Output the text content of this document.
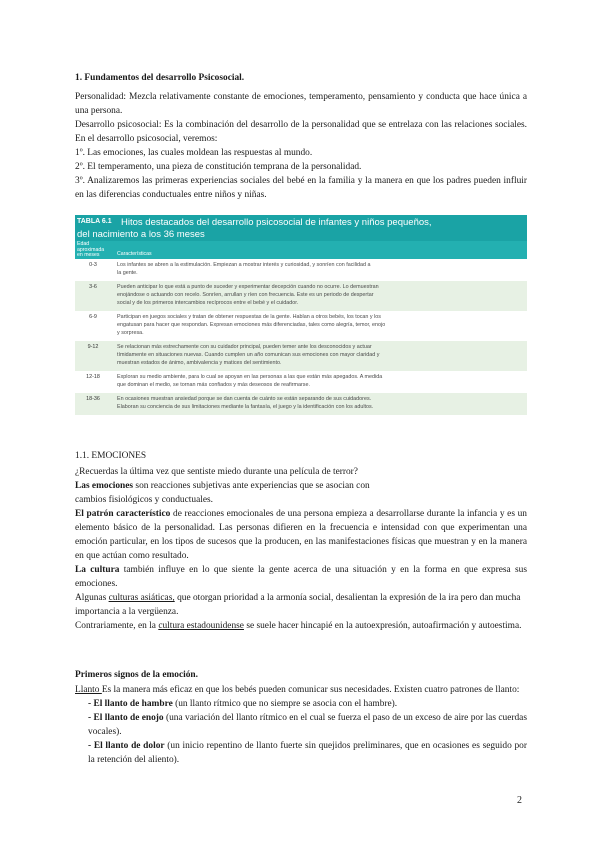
1. Fundamentos del desarrollo Psicosocial.

Personalidad: Mezcla relativamente constante de emociones, temperamento, pensamiento y conducta que hace única a una persona.

Desarrollo psicosocial: Es la combinación del desarrollo de la personalidad que se entrelaza con las relaciones sociales. En el desarrollo psicosocial, veremos:

1º. Las emociones, las cuales moldean las respuestas al mundo.

2º. El temperamento, una pieza de constitución temprana de la personalidad.

3º. Analizaremos las primeras experiencias sociales del bebé en la familia y la manera en que los padres pueden influir en las diferencias conductuales entre niños y niñas.

TABLA 6.1 Hitos destacados del desarrollo psicosocial de infantes y niños pequeños,
del nacimiento a los 36 meses
Edad aproximada en meses	Características
0-3	Los infantes se abren a la estimulación. Empiezan a mostrar interés y curiosidad, y sonríen con facilidad a
la gente.
3-6	Pueden anticipar lo que está a punto de suceder y experimentar decepción cuando no ocurre. Lo demuestran
enojándose o actuando con recelo. Sonríen, arrullan y ríen con frecuencia. Este es un periodo de despertar
social y de los primeros intercambios recíprocos entre el bebé y el cuidador.
6-9	Participan en juegos sociales y tratan de obtener respuestas de la gente. Hablan a otros bebés, los tocan y los
engatusan para hacer que respondan. Expresan emociones más diferenciadas, tales como alegría, temor, enojo
y sorpresa.
9-12	Se relacionan más estrechamente con su cuidador principal, pueden temer ante los desconocidos y actuar
tímidamente en situaciones nuevas. Cuando cumplen un año comunican sus emociones con mayor claridad y
muestran estados de ánimo, ambivalencia y matices del sentimiento.
12-18	Exploran su medio ambiente, para lo cual se apoyan en las personas a las que están más apegados. A medida
que dominan el medio, se tornan más confiados y más deseosos de reafirmarse.
18-36	En ocasiones muestran ansiedad porque se dan cuenta de cuánto se están separando de sus cuidadores.
Elaboran su conciencia de sus limitaciones mediante la fantasía, el juego y la identificación con los adultos.

1.1. EMOCIONES

¿Recuerdas la última vez que sentiste miedo durante una película de terror?

Las emociones son reacciones subjetivas ante experiencias que se asocian con

cambios fisiológicos y conductuales.

El patrón característico de reacciones emocionales de una persona empieza a desarrollarse durante la infancia y es un elemento básico de la personalidad. Las personas difieren en la frecuencia e intensidad con que experimentan una emoción particular, en los tipos de sucesos que la producen, en las manifestaciones físicas que muestran y en la manera en que actúan como resultado.

La cultura también influye en lo que siente la gente acerca de una situación y en la forma en que expresa sus emociones.

Algunas culturas asiáticas, que otorgan prioridad a la armonía social, desalientan la expresión de la ira pero dan mucha importancia a la vergüenza.

Contrariamente, en la cultura estadounidense se suele hacer hincapié en la autoexpresión, autoafirmación y autoestima.

Primeros signos de la emoción.

Llanto Es la manera más eficaz en que los bebés pueden comunicar sus necesidades. Existen cuatro patrones de llanto:

- El llanto de hambre (un llanto rítmico que no siempre se asocia con el hambre).

- El llanto de enojo (una variación del llanto rítmico en el cual se fuerza el paso de un exceso de aire por las cuerdas vocales).

- El llanto de dolor (un inicio repentino de llanto fuerte sin quejidos preliminares, que en ocasiones es seguido por la retención del aliento).

2
